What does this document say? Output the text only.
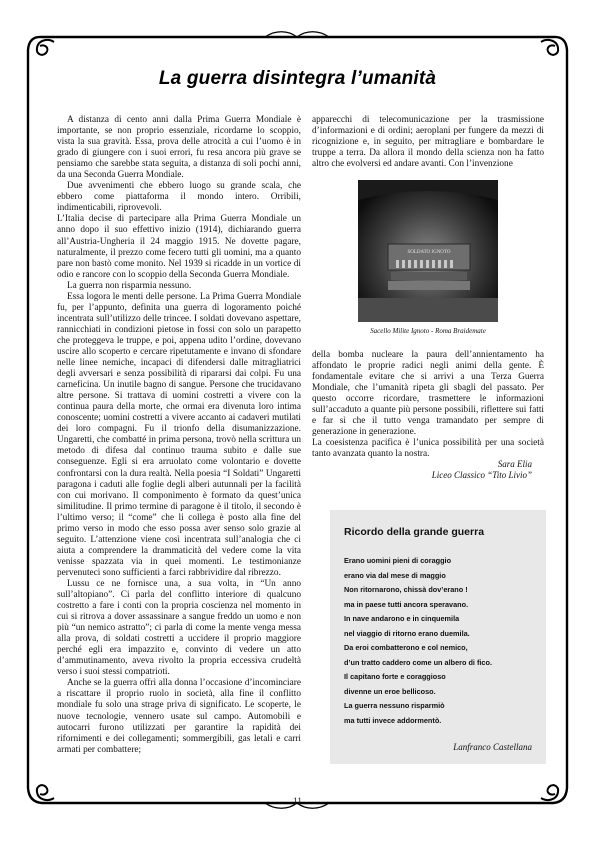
La guerra disintegra l’umanità

A distanza di cento anni dalla Prima Guerra Mondiale è importante, se non proprio essenziale, ricordarne lo scoppio, vista la sua gravità. Essa, prova delle atrocità a cui l’uomo è in grado di giungere con i suoi errori, fu resa ancora più grave se pensiamo che sarebbe stata seguita, a distanza di soli pochi anni, da una Seconda Guerra Mondiale.

Due avvenimenti che ebbero luogo su grande scala, che ebbero come piattaforma il mondo intero. Orribili, indimenticabili, riprovevoli.

L’Italia decise di partecipare alla Prima Guerra Mondiale un anno dopo il suo effettivo inizio (1914), dichiarando guerra all’Austria-Ungheria il 24 maggio 1915. Ne dovette pagare, naturalmente, il prezzo come fecero tutti gli uomini, ma a quanto pare non bastò come monito. Nel 1939 si ricadde in un vortice di odio e rancore con lo scoppio della Seconda Guerra Mondiale.

La guerra non risparmia nessuno.

Essa logora le menti delle persone. La Prima Guerra Mondiale fu, per l’appunto, definita una guerra di logoramento poiché incentrata sull’utilizzo delle trincee. I soldati dovevano aspettare, rannicchiati in condizioni pietose in fossi con solo un parapetto che proteggeva le truppe, e poi, appena udito l’ordine, dovevano uscire allo scoperto e cercare ripetutamente e invano di sfondare nelle linee nemiche, incapaci di difendersi dalle mitragliatrici degli avversari e senza possibilità di ripararsi dai colpi. Fu una carneficina. Un inutile bagno di sangue. Persone che trucidavano altre persone. Si trattava di uomini costretti a vivere con la continua paura della morte, che ormai era divenuta loro intima conoscente; uomini costretti a vivere accanto ai cadaveri mutilati dei loro compagni. Fu il trionfo della disumanizzazione. Ungaretti, che combatté in prima persona, trovò nella scrittura un metodo di difesa dal continuo trauma subito e dalle sue conseguenze. Egli si era arruolato come volontario e dovette confrontarsi con la dura realtà. Nella poesia “I Soldati” Ungaretti paragona i caduti alle foglie degli alberi autunnali per la facilità con cui morivano. Il componimento è formato da quest’unica similitudine. Il primo termine di paragone è il titolo, il secondo è l’ultimo verso; il “come” che li collega è posto alla fine del primo verso in modo che esso possa aver senso solo grazie al seguito. L’attenzione viene così incentrata sull’analogia che ci aiuta a comprendere la drammaticità del vedere come la vita venisse spazzata via in quei momenti. Le testimonianze pervenuteci sono sufficienti a farci rabbrividire dal ribrezzo.

Lussu ce ne fornisce una, a sua volta, in “Un anno sull’altopiano”. Ci parla del conflitto interiore di qualcuno costretto a fare i conti con la propria coscienza nel momento in cui si ritrova a dover assassinare a sangue freddo un uomo e non più “un nemico astratto”; ci parla di come la mente venga messa alla prova, di soldati costretti a uccidere il proprio maggiore perché egli era impazzito e, convinto di vedere un atto d’ammutinamento, aveva rivolto la propria eccessiva crudeltà verso i suoi stessi compatrioti.

Anche se la guerra offrì alla donna l’occasione d’incominciare a riscattare il proprio ruolo in società, alla fine il conflitto mondiale fu solo una strage priva di significato. Le scoperte, le nuove tecnologie, vennero usate sul campo. Automobili e autocarri furono utilizzati per garantire la rapidità dei rifornimenti e dei collegamenti; sommergibili, gas letali e carri armati per combattere;

apparecchi di telecomunicazione per la trasmissione d’informazioni e di ordini; aeroplani per fungere da mezzi di ricognizione e, in seguito, per mitragliare e bombardare le truppe a terra. Da allora il mondo della scienza non ha fatto altro che evolversi ed andare avanti. Con l’invenzione

SOLDATO IGNOTO
Sacello Milite Ignoto - Roma Braidemate

della bomba nucleare la paura dell’annientamento ha affondato le proprie radici negli animi della gente. È fondamentale evitare che si arrivi a una Terza Guerra Mondiale, che l’umanità ripeta gli sbagli del passato. Per questo occorre ricordare, trasmettere le informazioni sull’accaduto a quante più persone possibili, riflettere sui fatti e far sì che il tutto venga tramandato per sempre di generazione in generazione.

La coesistenza pacifica è l’unica possibilità per una società tanto avanzata quanto la nostra.

Sara Elia
Liceo Classico “Tito Livio”
Ricordo della grande guerra
Erano uomini pieni di coraggio
erano via dal mese di maggio
Non ritornarono, chissà dov’erano !
ma in paese tutti ancora speravano.
In nave andarono e in cinquemila
nel viaggio di ritorno erano duemila.
Da eroi combatterono e col nemico,
d’un tratto caddero come un albero di fico.
Il capitano forte e coraggioso
divenne un eroe bellicoso.
La guerra nessuno risparmiò
ma tutti invece addormentò.
Lanfranco Castellana
11
